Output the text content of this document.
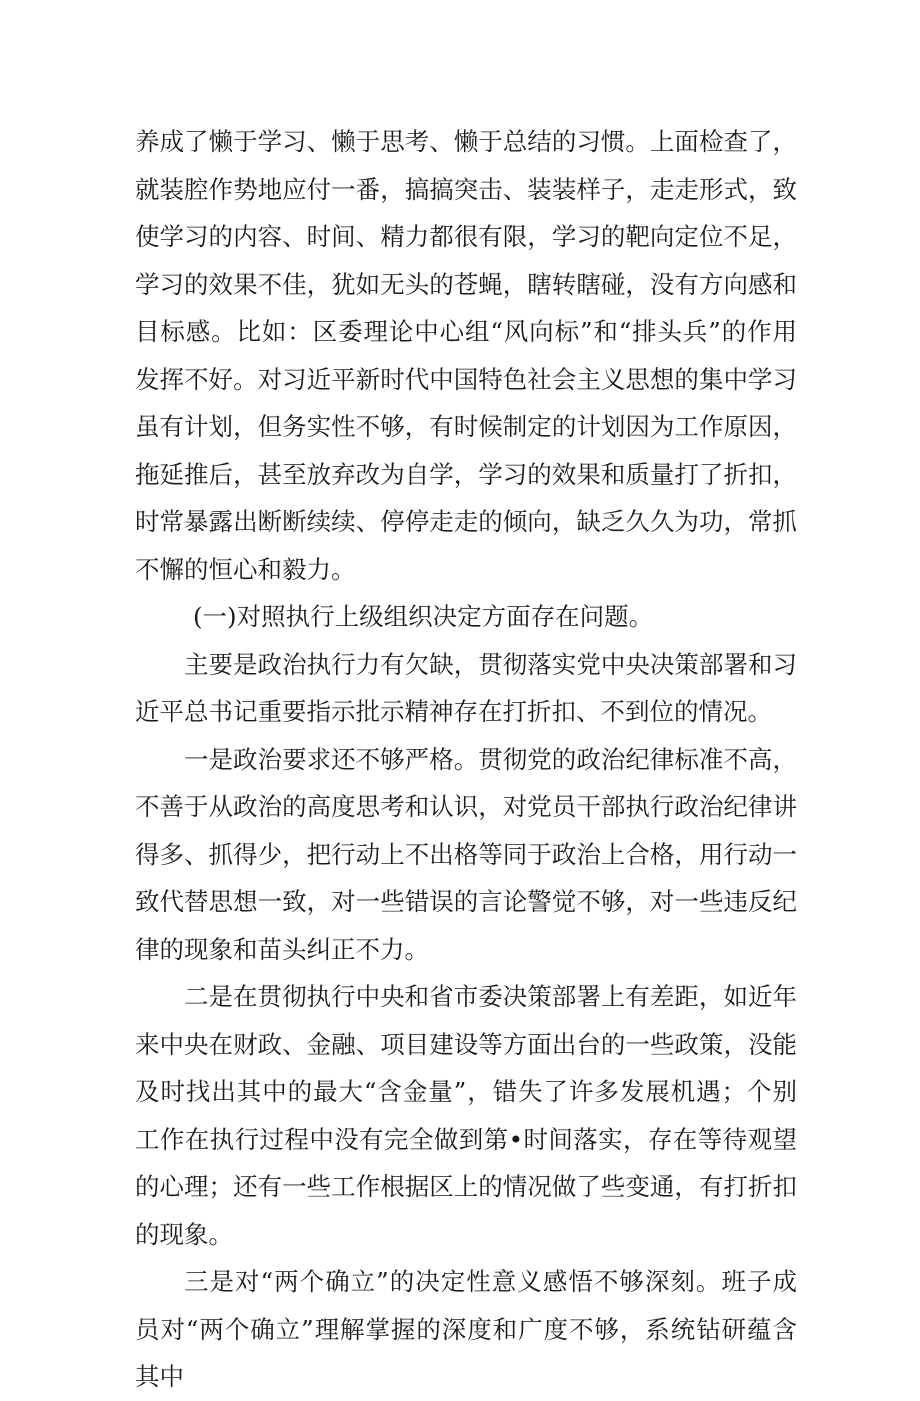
养成了懒于学习、懒于思考、懒于总结的习惯。上面检查了，就装腔作势地应付一番，搞搞突击、装装样子，走走形式，致使学习的内容、时间、精力都很有限，学习的靶向定位不足，学习的效果不佳，犹如无头的苍蝇，瞎转瞎碰，没有方向感和目标感。比如：区委理论中心组“风向标”和“排头兵”的作用发挥不好。对习近平新时代中国特色社会主义思想的集中学习虽有计划，但务实性不够，有时候制定的计划因为工作原因，拖延推后，甚至放弃改为自学，学习的效果和质量打了折扣，时常暴露出断断续续、停停走走的倾向，缺乏久久为功，常抓不懈的恒心和毅力。

(一)对照执行上级组织决定方面存在问题。

主要是政治执行力有欠缺，贯彻落实党中央决策部署和习近平总书记重要指示批示精神存在打折扣、不到位的情况。

一是政治要求还不够严格。贯彻党的政治纪律标准不高，不善于从政治的高度思考和认识，对党员干部执行政治纪律讲得多、抓得少，把行动上不出格等同于政治上合格，用行动一致代替思想一致，对一些错误的言论警觉不够，对一些违反纪律的现象和苗头纠正不力。

二是在贯彻执行中央和省市委决策部署上有差距，如近年来中央在财政、金融、项目建设等方面出台的一些政策，没能及时找出其中的最大“含金量”，错失了许多发展机遇；个别工作在执行过程中没有完全做到第•时间落实，存在等待观望的心理；还有一些工作根据区上的情况做了些变通，有打折扣的现象。

三是对“两个确立”的决定性意义感悟不够深刻。班子成员对“两个确立”理解掌握的深度和广度不够，系统钻研蕴含其中
